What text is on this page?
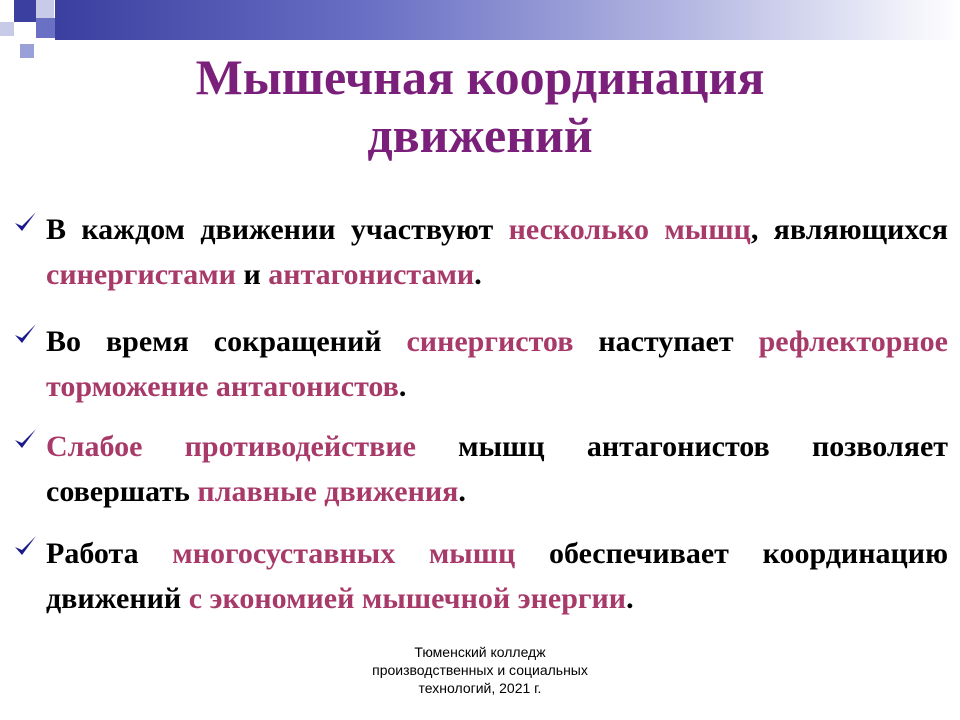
Мышечная координация
движений
В каждом движении участвуют несколько мышц, являющихся синергистами и антагонистами.
Во время сокращений синергистов наступает рефлекторное торможение антагонистов.
Слабое противодействие мышц антагонистов позволяет совершать плавные движения.
Работа многосуставных мышц обеспечивает координацию движений с экономией мышечной энергии.
Тюменский колледж
производственных и социальных
технологий, 2021 г.
